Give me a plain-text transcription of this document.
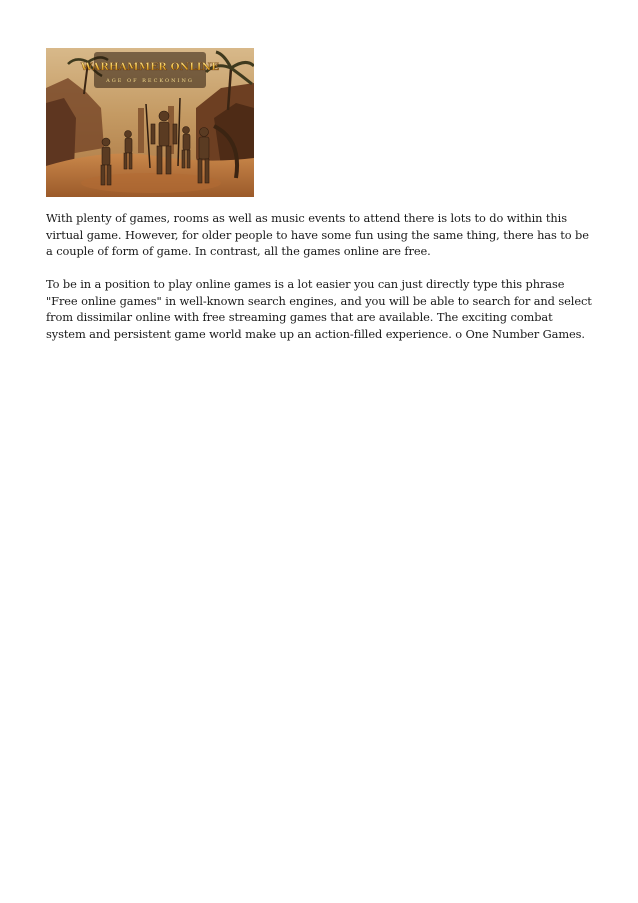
WARHAMMER ONLINE
AGE OF RECKONING

With plenty of games, rooms as well as music events to attend there is lots to do within this virtual game. However, for older people to have some fun using the same thing, there has to be a couple of form of game. In contrast, all the games online are free.

To be in a position to play online games is a lot easier you can just directly type this phrase "Free online games" in well-known search engines, and you will be able to search for and select from dissimilar online with free streaming games that are available. The exciting combat system and persistent game world make up an action-filled experience. o One Number Games.
